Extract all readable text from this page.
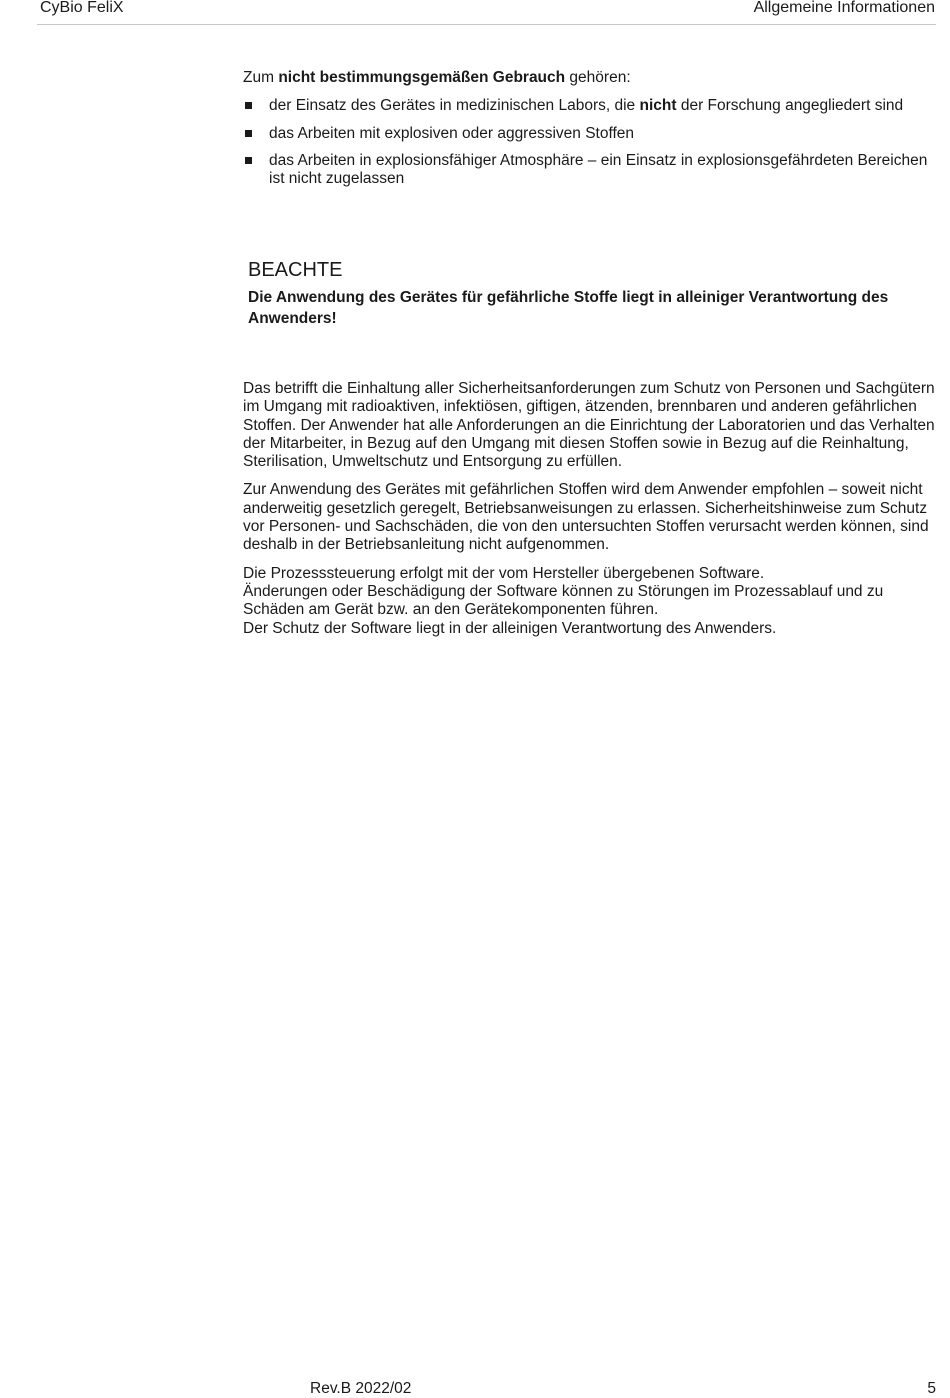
CyBio FeliX	Allgemeine Informationen

Zum nicht bestimmungsgemäßen Gebrauch gehören:

der Einsatz des Gerätes in medizinischen Labors, die nicht der Forschung angegliedert sind
das Arbeiten mit explosiven oder aggressiven Stoffen
das Arbeiten in explosionsfähiger Atmosphäre – ein Einsatz in explosionsgefährdeten Bereichen ist nicht zugelassen
BEACHTE
Die Anwendung des Gerätes für gefährliche Stoffe liegt in alleiniger Verantwortung des Anwenders!

Das betrifft die Einhaltung aller Sicherheitsanforderungen zum Schutz von Personen und Sachgütern im Umgang mit radioaktiven, infektiösen, giftigen, ätzenden, brennbaren und anderen gefährlichen Stoffen. Der Anwender hat alle Anforderungen an die Einrichtung der Laboratorien und das Verhalten der Mitarbeiter, in Bezug auf den Umgang mit diesen Stoffen sowie in Bezug auf die Reinhaltung, Sterilisation, Umweltschutz und Entsorgung zu erfüllen.

Zur Anwendung des Gerätes mit gefährlichen Stoffen wird dem Anwender empfohlen – soweit nicht anderweitig gesetzlich geregelt, Betriebsanweisungen zu erlassen. Sicherheitshinweise zum Schutz vor Personen- und Sachschäden, die von den untersuchten Stoffen verursacht werden können, sind deshalb in der Betriebsanleitung nicht aufgenommen.

Die Prozesssteuerung erfolgt mit der vom Hersteller übergebenen Software.
Änderungen oder Beschädigung der Software können zu Störungen im Prozessablauf und zu Schäden am Gerät bzw. an den Gerätekomponenten führen.
Der Schutz der Software liegt in der alleinigen Verantwortung des Anwenders.

Rev.B 2022/02	5
